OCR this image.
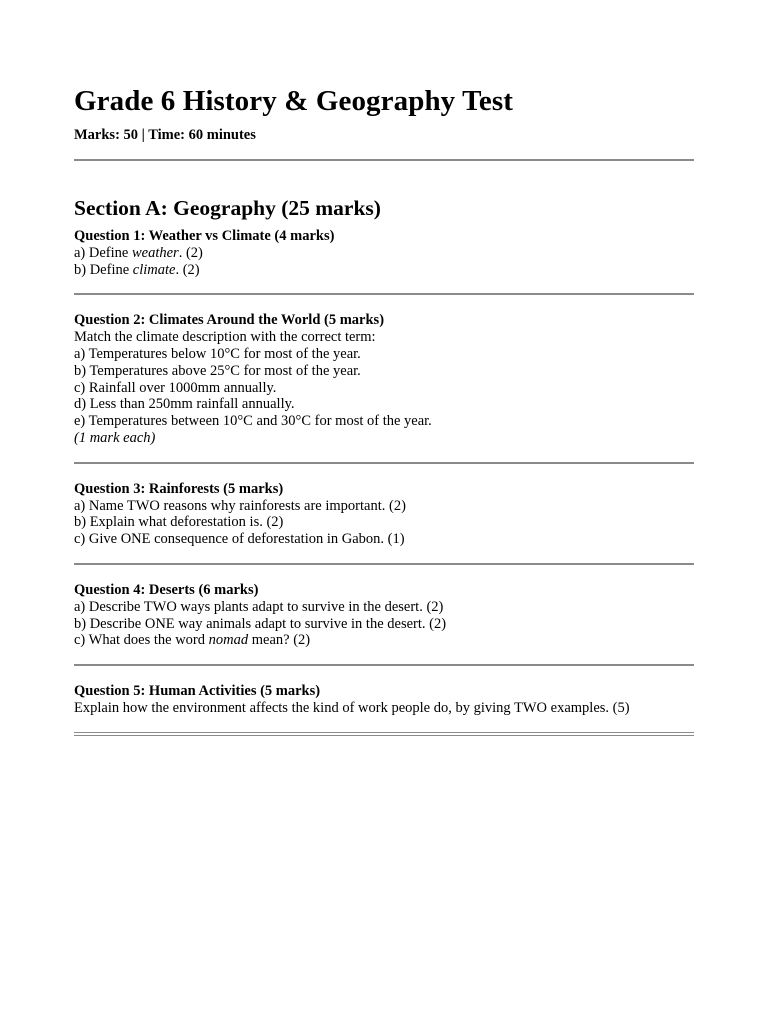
Grade 6 History & Geography Test
Marks: 50 | Time: 60 minutes
Section A: Geography (25 marks)
Question 1: Weather vs Climate (4 marks)
a) Define weather. (2)
b) Define climate. (2)
Question 2: Climates Around the World (5 marks)
Match the climate description with the correct term:
a) Temperatures below 10°C for most of the year.
b) Temperatures above 25°C for most of the year.
c) Rainfall over 1000mm annually.
d) Less than 250mm rainfall annually.
e) Temperatures between 10°C and 30°C for most of the year.
(1 mark each)
Question 3: Rainforests (5 marks)
a) Name TWO reasons why rainforests are important. (2)
b) Explain what deforestation is. (2)
c) Give ONE consequence of deforestation in Gabon. (1)
Question 4: Deserts (6 marks)
a) Describe TWO ways plants adapt to survive in the desert. (2)
b) Describe ONE way animals adapt to survive in the desert. (2)
c) What does the word nomad mean? (2)
Question 5: Human Activities (5 marks)
Explain how the environment affects the kind of work people do, by giving TWO examples. (5)
